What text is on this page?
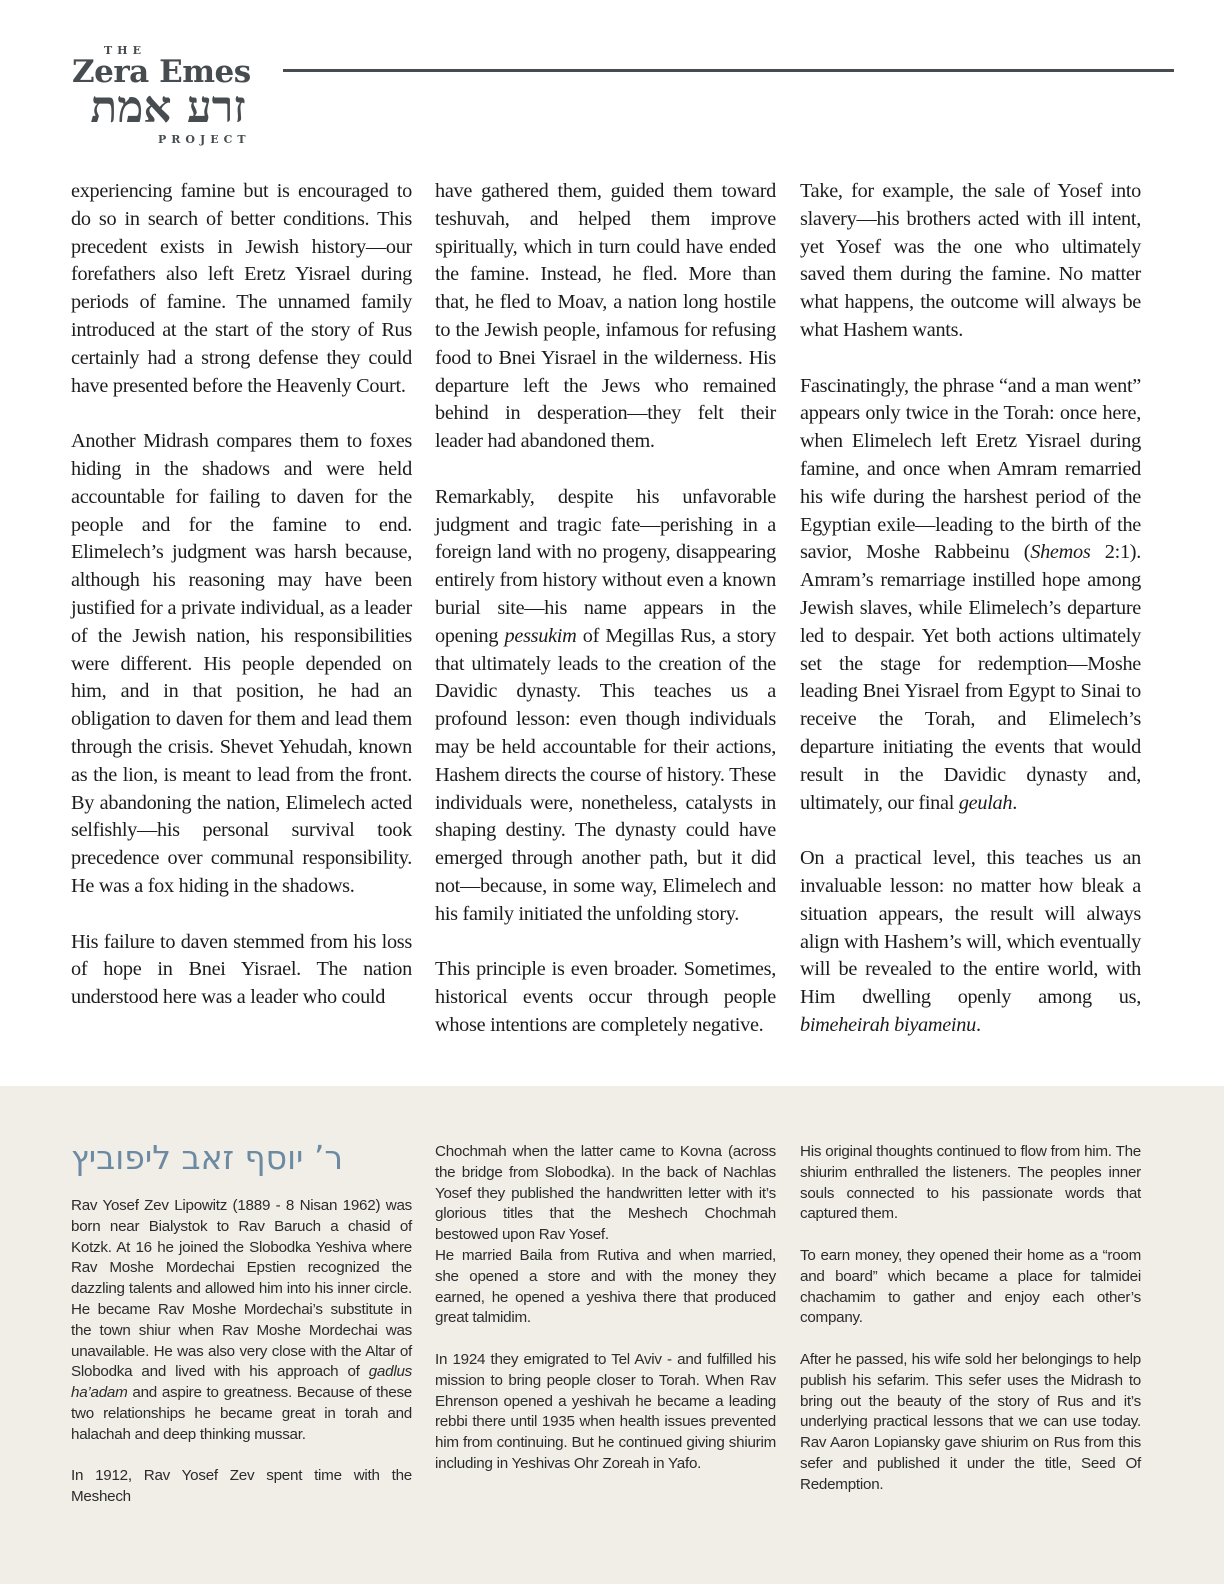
THE
Zera Emes
זרע אמת
PROJECT

experiencing famine but is encouraged to do so in search of better conditions. This precedent exists in Jewish history—our forefathers also left Eretz Yisrael during periods of famine. The unnamed family introduced at the start of the story of Rus certainly had a strong defense they could have presented before the Heavenly Court.

Another Midrash compares them to foxes hiding in the shadows and were held accountable for failing to daven for the people and for the famine to end. Elimelech’s judgment was harsh because, although his reasoning may have been justified for a private individual, as a leader of the Jewish nation, his responsibilities were different. His people depended on him, and in that position, he had an obligation to daven for them and lead them through the crisis. Shevet Yehudah, known as the lion, is meant to lead from the front. By abandoning the nation, Elimelech acted selfishly—his personal survival took precedence over communal responsibility. He was a fox hiding in the shadows.

His failure to daven stemmed from his loss of hope in Bnei Yisrael. The nation understood here was a leader who could

have gathered them, guided them toward teshuvah, and helped them improve spiritually, which in turn could have ended the famine. Instead, he fled. More than that, he fled to Moav, a nation long hostile to the Jewish people, infamous for refusing food to Bnei Yisrael in the wilderness. His departure left the Jews who remained behind in desperation—they felt their leader had abandoned them.

Remarkably, despite his unfavorable judgment and tragic fate—perishing in a foreign land with no progeny, disappearing entirely from history without even a known burial site—his name appears in the opening pessukim of Megillas Rus, a story that ultimately leads to the creation of the Davidic dynasty. This teaches us a profound lesson: even though individuals may be held accountable for their actions, Hashem directs the course of history. These individuals were, nonetheless, catalysts in shaping destiny. The dynasty could have emerged through another path, but it did not—because, in some way, Elimelech and his family initiated the unfolding story.

This principle is even broader. Sometimes, historical events occur through people whose intentions are completely negative.

Take, for example, the sale of Yosef into slavery—his brothers acted with ill intent, yet Yosef was the one who ultimately saved them during the famine. No matter what happens, the outcome will always be what Hashem wants.

Fascinatingly, the phrase “and a man went” appears only twice in the Torah: once here, when Elimelech left Eretz Yisrael during famine, and once when Amram remarried his wife during the harshest period of the Egyptian exile—leading to the birth of the savior, Moshe Rabbeinu (Shemos 2:1). Amram’s remarriage instilled hope among Jewish slaves, while Elimelech’s departure led to despair. Yet both actions ultimately set the stage for redemption—Moshe leading Bnei Yisrael from Egypt to Sinai to receive the Torah, and Elimelech’s departure initiating the events that would result in the Davidic dynasty and, ultimately, our final geulah.

On a practical level, this teaches us an invaluable lesson: no matter how bleak a situation appears, the result will always align with Hashem’s will, which eventually will be revealed to the entire world, with Him dwelling openly among us, bimeheirah biyameinu.

ר’ יוסף זאב ליפוביץ

Rav Yosef Zev Lipowitz (1889 - 8 Nisan 1962) was born near Bialystok to Rav Baruch a chasid of Kotzk. At 16 he joined the Slobodka Yeshiva where Rav Moshe Mordechai Epstien recognized the dazzling talents and allowed him into his inner circle. He became Rav Moshe Mordechai’s substitute in the town shiur when Rav Moshe Mordechai was unavailable. He was also very close with the Altar of Slobodka and lived with his approach of gadlus ha’adam and aspire to greatness. Because of these two relationships he became great in torah and halachah and deep thinking mussar.

In 1912, Rav Yosef Zev spent time with the Meshech

Chochmah when the latter came to Kovna (across the bridge from Slobodka). In the back of Nachlas Yosef they published the handwritten letter with it’s glorious titles that the Meshech Chochmah bestowed upon Rav Yosef.

He married Baila from Rutiva and when married, she opened a store and with the money they earned, he opened a yeshiva there that produced great talmidim.

In 1924 they emigrated to Tel Aviv - and fulfilled his mission to bring people closer to Torah. When Rav Ehrenson opened a yeshivah he became a leading rebbi there until 1935 when health issues prevented him from continuing. But he continued giving shiurim including in Yeshivas Ohr Zoreah in Yafo.

His original thoughts continued to flow from him. The shiurim enthralled the listeners. The peoples inner souls connected to his passionate words that captured them.

To earn money, they opened their home as a “room and board” which became a place for talmidei chachamim to gather and enjoy each other’s company.

After he passed, his wife sold her belongings to help publish his sefarim. This sefer uses the Midrash to bring out the beauty of the story of Rus and it’s underlying practical lessons that we can use today. Rav Aaron Lopiansky gave shiurim on Rus from this sefer and published it under the title, Seed Of Redemption.
